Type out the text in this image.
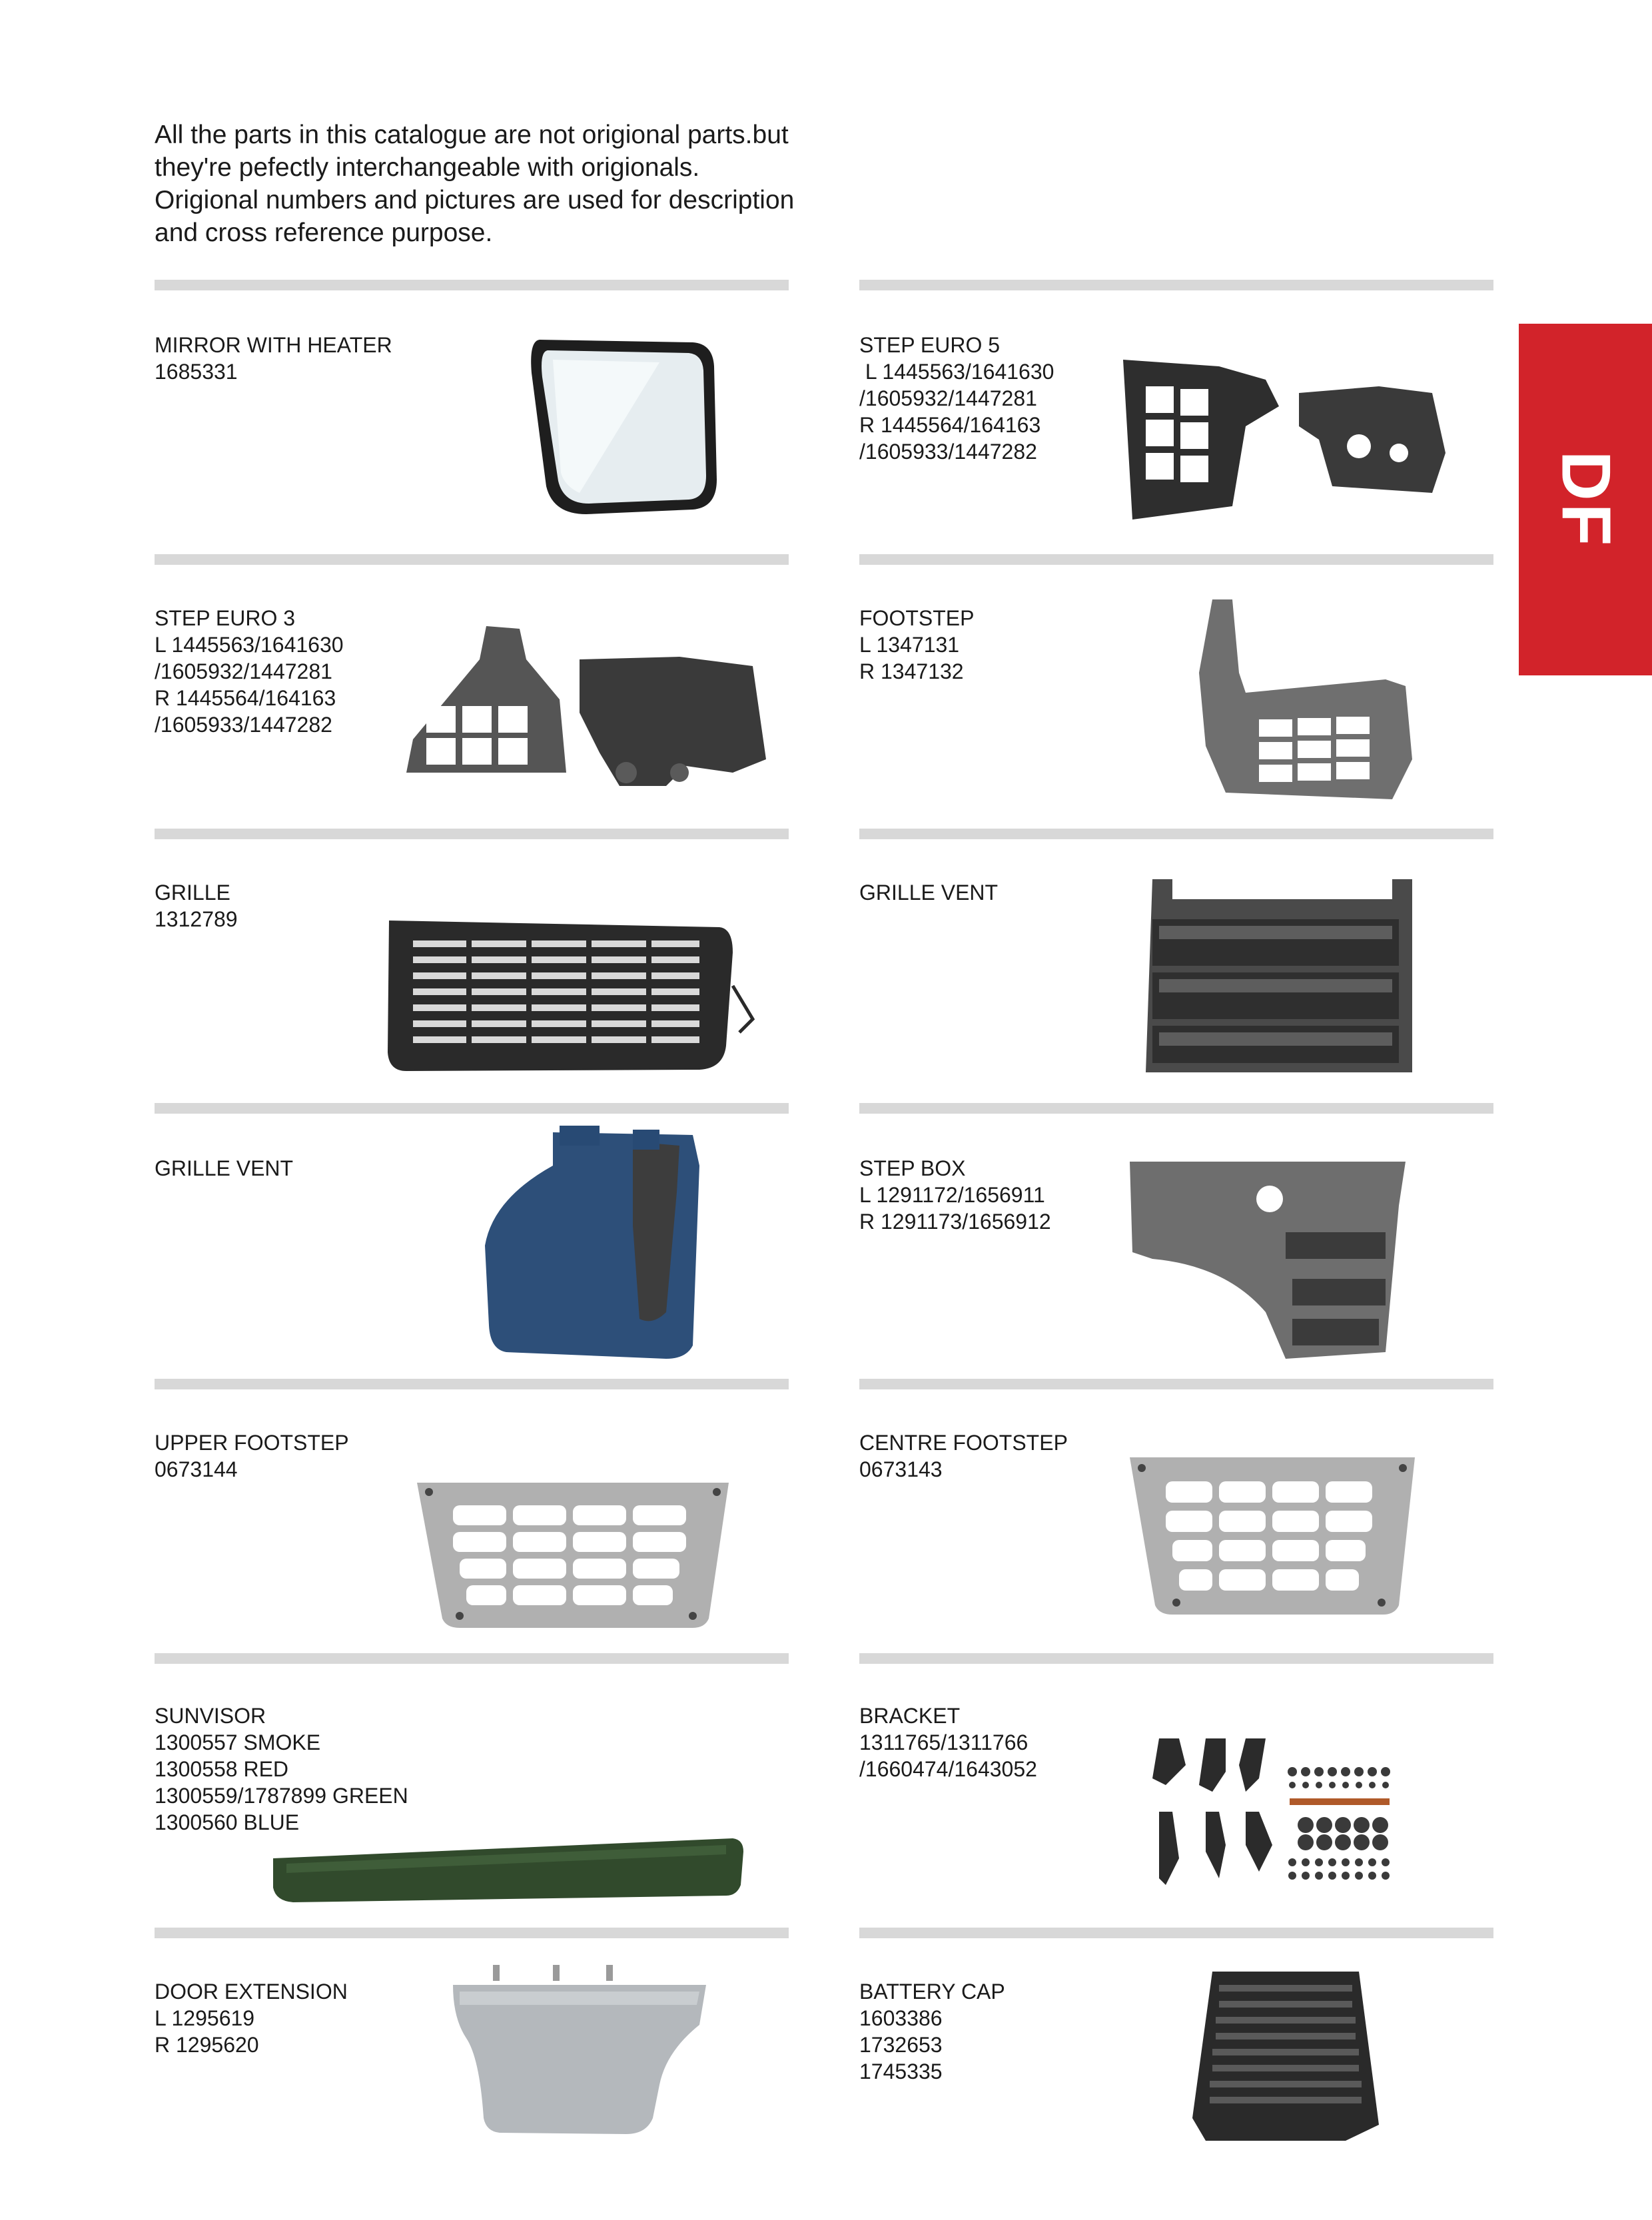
All the parts in this catalogue are not origional parts.but
they're pefectly interchangeable with origionals.
Origional numbers and pictures are used for description
and cross reference purpose.
DF
MIRROR WITH HEATER
1685331
STEP EURO 5
L 1445563/1641630
/1605932/1447281
R 1445564/164163
/1605933/1447282
STEP EURO 3
L 1445563/1641630
/1605932/1447281
R 1445564/164163
/1605933/1447282
FOOTSTEP
L 1347131
R 1347132
GRILLE
1312789
GRILLE VENT
GRILLE VENT	STEP BOX
L 1291172/1656911
R 1291173/1656912
UPPER FOOTSTEP
0673144
CENTRE FOOTSTEP
0673143
SUNVISOR
1300557 SMOKE
1300558 RED
1300559/1787899 GREEN
1300560 BLUE
BRACKET
1311765/1311766
/1660474/1643052
DOOR EXTENSION
L 1295619
R 1295620
BATTERY CAP
1603386
1732653
1745335
